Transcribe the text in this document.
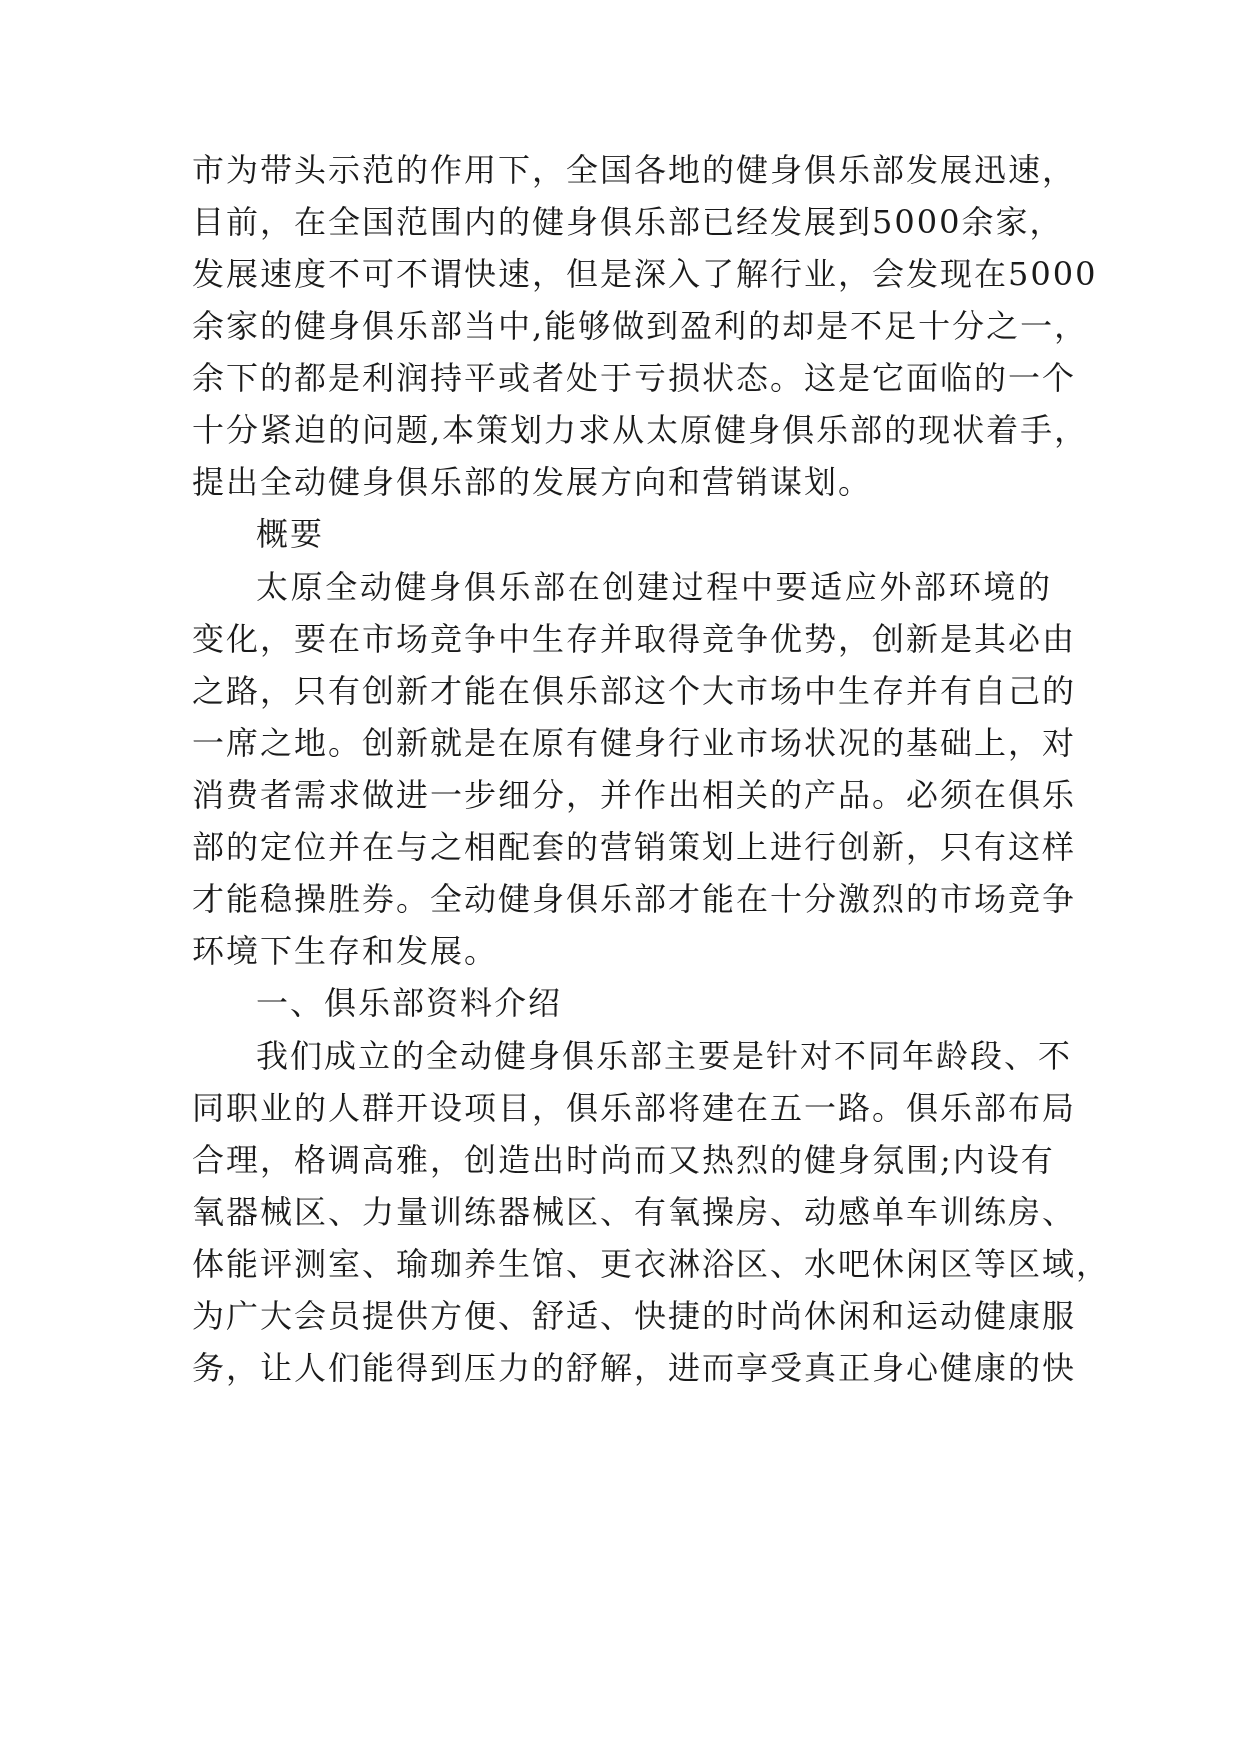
市为带头示范的作用下，全国各地的健身俱乐部发展迅速，
目前，在全国范围内的健身俱乐部已经发展到5000余家，
发展速度不可不谓快速，但是深入了解行业，会发现在5000
余家的健身俱乐部当中,能够做到盈利的却是不足十分之一，
余下的都是利润持平或者处于亏损状态。这是它面临的一个
十分紧迫的问题,本策划力求从太原健身俱乐部的现状着手，
提出全动健身俱乐部的发展方向和营销谋划。
概要
太原全动健身俱乐部在创建过程中要适应外部环境的
变化，要在市场竞争中生存并取得竞争优势，创新是其必由
之路，只有创新才能在俱乐部这个大市场中生存并有自己的
一席之地。创新就是在原有健身行业市场状况的基础上，对
消费者需求做进一步细分，并作出相关的产品。必须在俱乐
部的定位并在与之相配套的营销策划上进行创新，只有这样
才能稳操胜券。全动健身俱乐部才能在十分激烈的市场竞争
环境下生存和发展。
一、俱乐部资料介绍
我们成立的全动健身俱乐部主要是针对不同年龄段、不
同职业的人群开设项目，俱乐部将建在五一路。俱乐部布局
合理，格调高雅，创造出时尚而又热烈的健身氛围;内设有
氧器械区、力量训练器械区、有氧操房、动感单车训练房、
体能评测室、瑜珈养生馆、更衣淋浴区、水吧休闲区等区域，
为广大会员提供方便、舒适、快捷的时尚休闲和运动健康服
务，让人们能得到压力的舒解，进而享受真正身心健康的快
